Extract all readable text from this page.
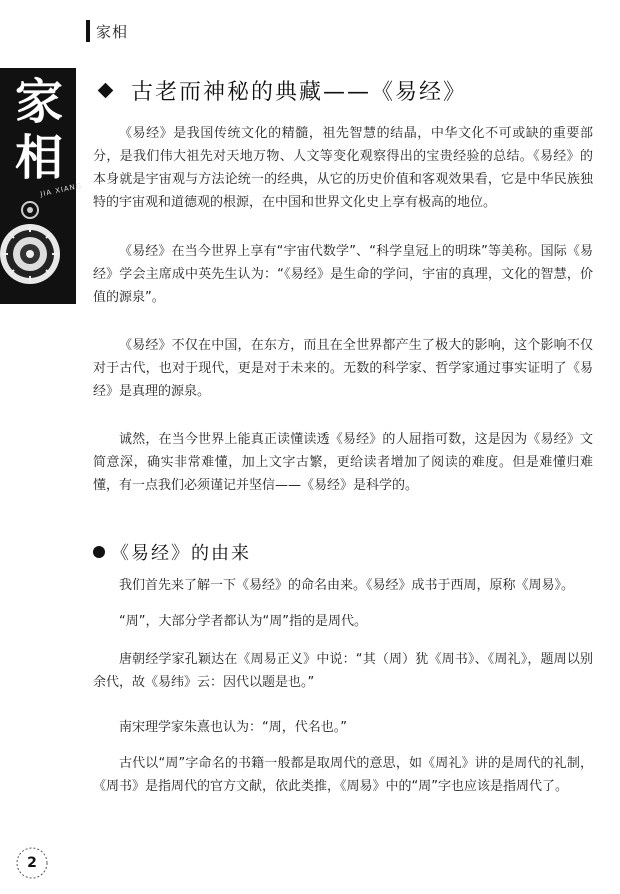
家相
家
相
JIA XIANG
古老而神秘的典藏——《易经》

《易经》是我国传统文化的精髓，祖先智慧的结晶，中华文化不可或缺的重要部分，是我们伟大祖先对天地万物、人文等变化观察得出的宝贵经验的总结。《易经》的本身就是宇宙观与方法论统一的经典，从它的历史价值和客观效果看，它是中华民族独特的宇宙观和道德观的根源，在中国和世界文化史上享有极高的地位。

《易经》在当今世界上享有“宇宙代数学”、“科学皇冠上的明珠”等美称。国际《易经》学会主席成中英先生认为：“《易经》是生命的学问，宇宙的真理，文化的智慧，价值的源泉”。

《易经》不仅在中国，在东方，而且在全世界都产生了极大的影响，这个影响不仅对于古代，也对于现代，更是对于未来的。无数的科学家、哲学家通过事实证明了《易经》是真理的源泉。

诚然，在当今世界上能真正读懂读透《易经》的人屈指可数，这是因为《易经》文简意深，确实非常难懂，加上文字古繁，更给读者增加了阅读的难度。但是难懂归难懂，有一点我们必须谨记并坚信——《易经》是科学的。

《易经》的由来

我们首先来了解一下《易经》的命名由来。《易经》成书于西周，原称《周易》。

“周”，大部分学者都认为“周”指的是周代。

唐朝经学家孔颖达在《周易正义》中说：“其（周）犹《周书》、《周礼》，题周以别余代，故《易纬》云：因代以题是也。”

南宋理学家朱熹也认为：“周，代名也。”

古代以“周”字命名的书籍一般都是取周代的意思，如《周礼》讲的是周代的礼制，《周书》是指周代的官方文献，依此类推，《周易》中的“周”字也应该是指周代了。

2
